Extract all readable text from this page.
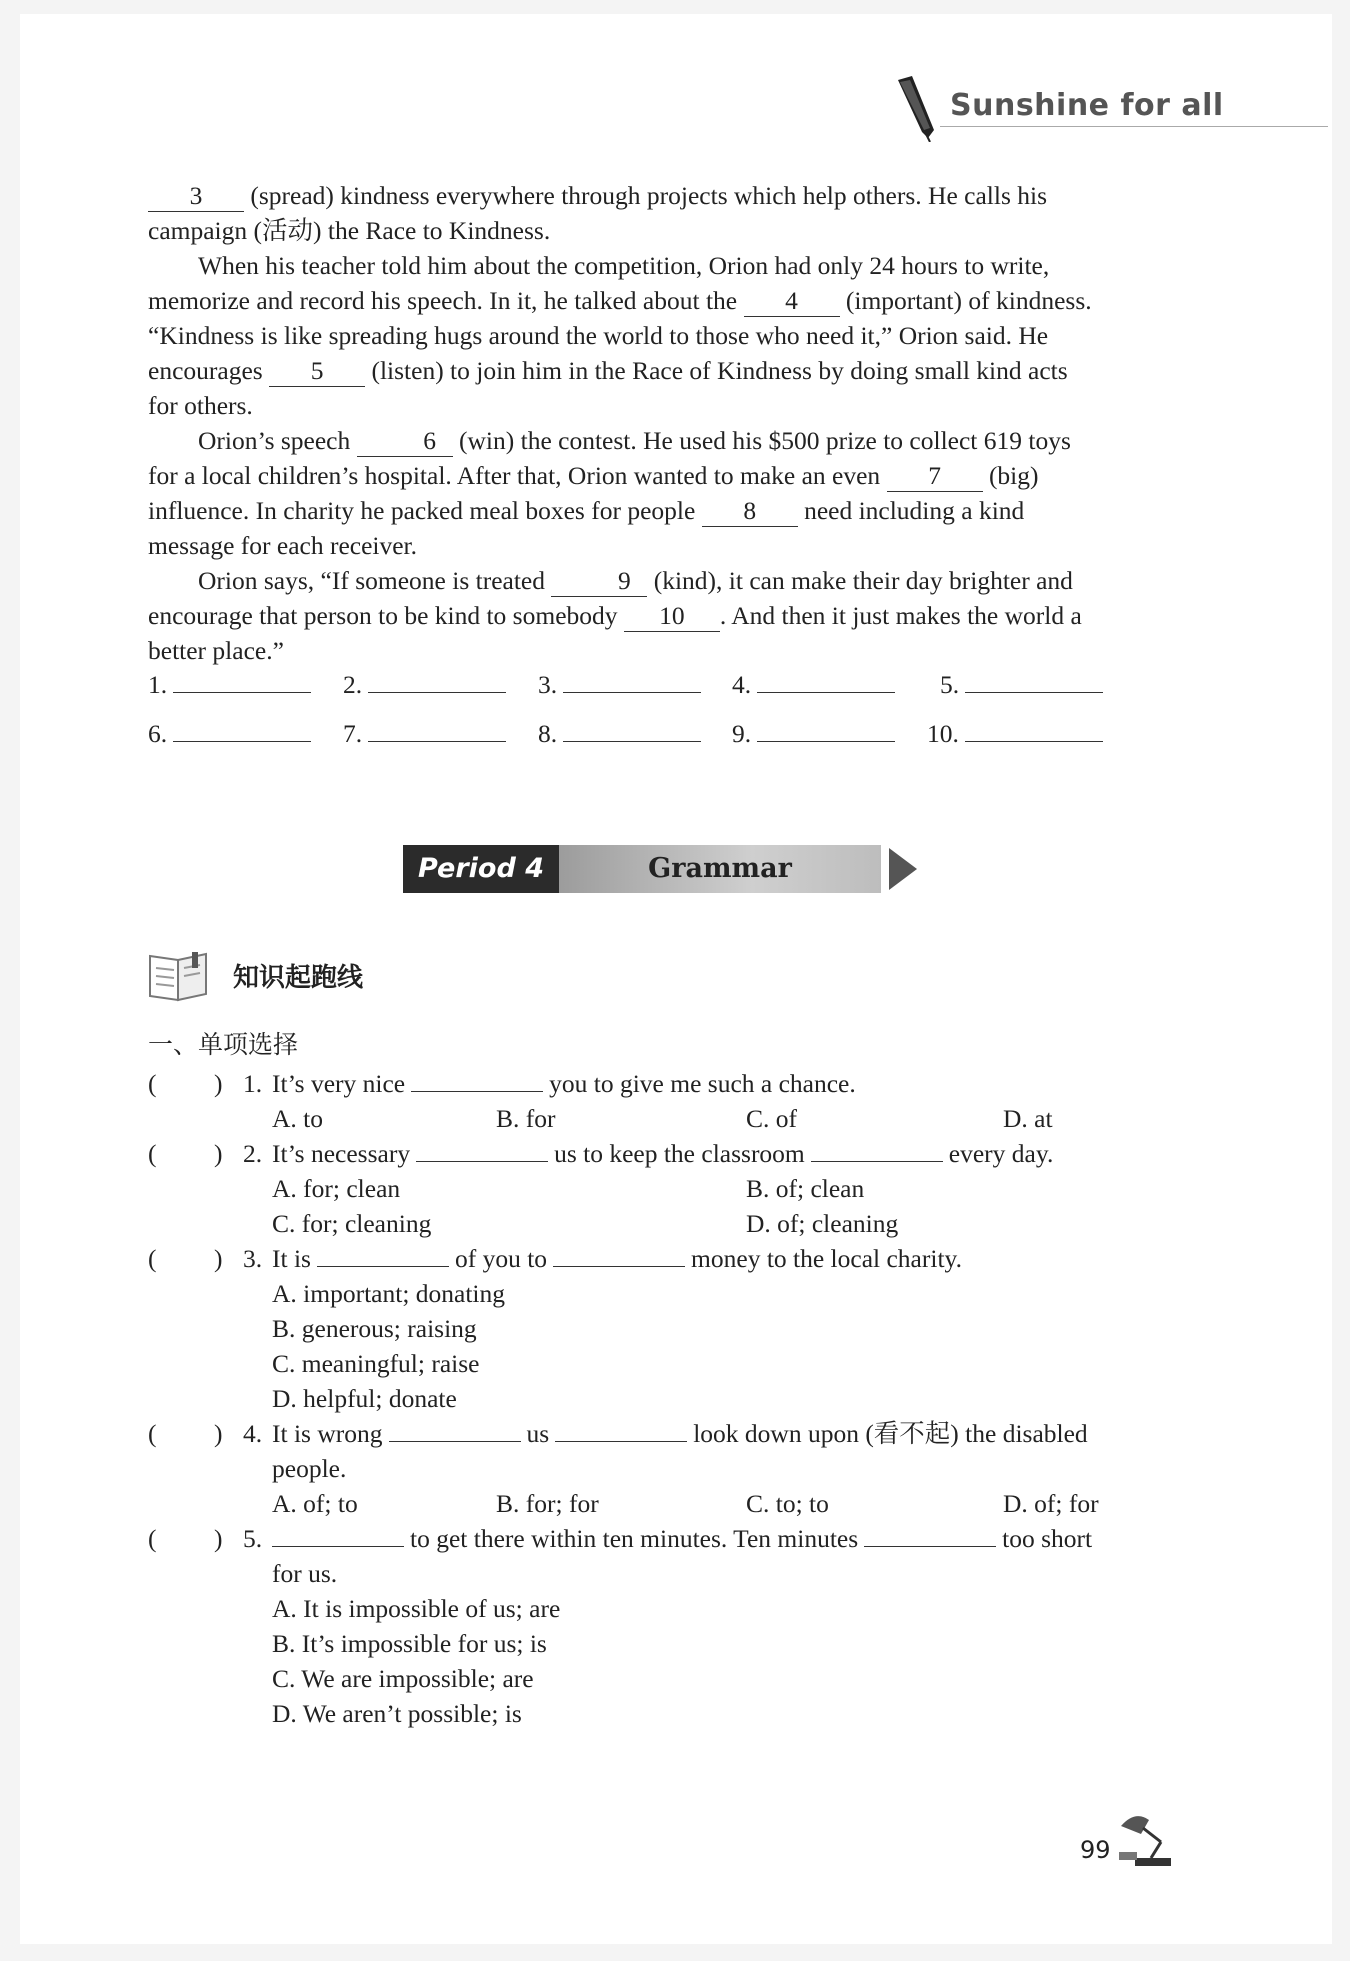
Sunshine for all

3 (spread) kindness everywhere through projects which help others. He calls his

campaign (活动) the Race to Kindness.

When his teacher told him about the competition, Orion had only 24 hours to write,

memorize and record his speech. In it, he talked about the 4 (important) of kindness.

“Kindness is like spreading hugs around the world to those who need it,” Orion said. He

encourages 5 (listen) to join him in the Race of Kindness by doing small kind acts

for others.

Orion’s speech	6 (win) the contest. He used his $500 prize to collect 619 toys

for a local children’s hospital. After that, Orion wanted to make an even 7 (big)

influence. In charity he packed meal boxes for people 8 need including a kind

message for each receiver.

Orion says, “If someone is treated	9 (kind), it can make their day brighter and

encourage that person to be kind to somebody 10 . And then it just makes the world a

better place.”

1.	2.	3.	4.	5.
6.	7.	8.	9.	10.
Period 4	Grammar
知识起跑线
一、单项选择
( ) 1. It’s very nice	you to give me such a chance.
A. to	B. for	C. of	D. at
( ) 2. It’s necessary	us to keep the classroom	every day.
A. for; clean	B. of; clean
C. for; cleaning	D. of; cleaning
( ) 3. It is	of you to	money to the local charity.
A. important; donating
B. generous; raising
C. meaningful; raise
D. helpful; donate
( ) 4. It is wrong	us	look down upon (看不起) the disabled
people.
A. of; to	B. for; for	C. to; to	D. of; for
( ) 5.	to get there within ten minutes. Ten minutes	too short
for us.
A. It is impossible of us; are
B. It’s impossible for us; is
C. We are impossible; are
D. We aren’t possible; is
99
